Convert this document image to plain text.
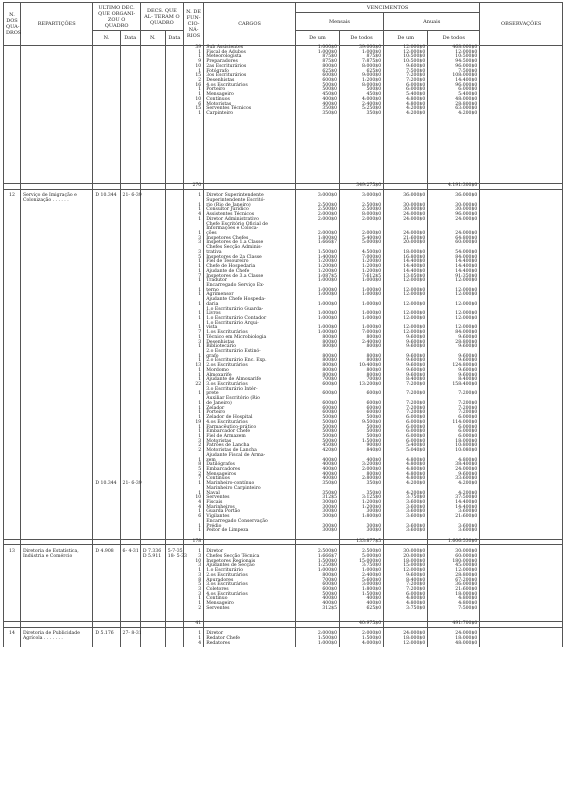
N. DOS QUA- DROS	REPARTIÇÕES	ULTIMO DEC. QUE ORGANI- ZOU O QUADRO		DECS. QUE AL- TERAM O QUADRO		N. DE FUN- CIO- NÁ- RIOS	CARGOS	VENCIMENTOS				OBSERVAÇÕES
								Mensais		Anuais		
		N.	Data	N.	Data			De um	De todos	De um	De todos	
						39	Sub Assistentes	1:000$0	39:000$0	12:000$0	468:000$0	
						1	Fiscal de Adubos	1:000$0	1:000$0	12:000$0	12:000$0	
						1	Meteorologista	875$0	875$0	10:500$0	10:500$0	
						9	Preparadores	875$0	7:875$0	10:500$0	94:500$0	
						10	2as Escriturários	800$0	8:000$0	9:600$0	96:000$0	
						1	Fotógrafo	625$0	625$0	7:500$0	7:500$0	
						15	3os Escriturários	600$0	9:000$0	7:200$0	108:000$0	
						2	Desenhistas	600$0	1:200$0	7:200$0	14:400$0	
						16	4.os Escriturários	500$0	8:000$0	6:000$0	96:000$0	
						1	Porteiro	500$0	500$0	6:000$0	6:000$0	
						1	Mensageiro	450$0	450$0	5:400$0	5:400$0	
						10	Contínuos	400$0	4:000$0	4:800$0	48:000$0	
						6	Motoristas	400$0	2:400$0	4:800$0	28:800$0	
						15	Serventes Técnicos	350$0	5:250$0	4:200$0	63:000$0	
						1	Carpinteiro	350$0	350$0	4:200$0	4:200$0	

						270			349:275$0		4.191:300$0	

12	Serviço de Imigração e	D 10.344	21- 6-39			1	Diretor Superintendente	3:000$0	3:000$0	36:000$0	36:000$0	
	Colonização . . . . . .						Superintendente Escritó-					
						1	rio (Rio de Janeiro)	2:500$0	2:500$0	30:000$0	30:000$0	
						1	Consultor Jurídico	2:500$0	2:500$0	30:000$0	30:000$0	
						4	Assistentes Técnicos	2:000$0	8:000$0	24:000$0	96:000$0	
						1	Diretor Administrativo	2:000$0	2:000$0	24:000$0	24:000$0	
							Chefe Escritório Oficial de					
							Informações e Coloca-					
						1	ções	2:000$0	2:000$0	24:000$0	24:000$0	
						3	Inspetores Chefes	1:800$0	5:400$0	21:600$0	64:800$0	
						3	Inspetores de 1.a Classe	1:666$7	5:000$0	20:000$0	60:000$0	
							Chefes Secção Adminis-					
						3	trativa	1:500$0	4:500$0	18:000$0	54:000$0	
						5	Inspetores de 2a Classe	1:400$0	7:000$0	16:800$0	84:000$0	
						1	Fiel de Tesoureiro	1:200$0	1:200$0	14:400$0	14:400$0	
						1	Chefe de Hospedaria	1:200$0	1:200$0	14:400$0	14:400$0	
						1	Ajudante de Chefe	1:200$0	1:200$0	14:400$0	14:400$0	
						7	Inspetores de 3.a Classe	1:087$5	7:612$5	13:050$0	91:350$0	
						1	Tradutor	1:000$0	1:000$0	12:000$0	12:000$0	
							Encarregado Serviço Ex-					
						1	terno	1:000$0	1:000$0	12:000$0	12:000$0	
						1	Agrimensor	1:000$0	1:000$0	12:000$0	12:000$0	
							Ajudante Chefe Hospeda-					
						1	daria	1:000$0	1:000$0	12:000$0	12:000$0	
							1.o Escriturário Guarda-					
						1	Livros	1:000$0	1:000$0	12:000$0	12:000$0	
						1	1.o Escriturário Contador	1:000$0	1:000$0	12:000$0	12:000$0	
							1.o Escriturário Arqui-					
						1	vista	1:000$0	1:000$0	12:000$0	12:000$0	
						7	1.os Escriturários	1:000$0	7:000$0	12:000$0	84:000$0	
						1	Técnico em Microbiologia	800$0	800$0	9:600$0	9:600$0	
						3	Desenhistas	800$0	2:400$0	9:600$0	28:800$0	
						1	Bibliotecário	800$0	800$0	9:600$0	9:600$0	
							2.o Escriturário Estinó-					
						1	grafo	800$0	800$0	9:600$0	9:600$0	
						1	2.o Escriturário Enc. Exp.	800$0	800$0	9:600$0	9:600$0	
						13	2.os Escriturários	800$0	10:400$0	9:600$0	124:800$0	
						1	Mordomo	800$0	800$0	9:600$0	9:600$0	
						1	Almoxarife	800$0	800$0	9:600$0	9:600$0	
						1	Ajudante de Almoxarife	700$0	700$0	8:400$0	8:400$0	
						22	3.os Escriturários	600$0	13:200$0	7:200$0	158:400$0	
							3.o Escriturário Intér-					
						1	prete	600$0	600$0	7:200$0	7:200$0	
							Auxiliar Escritório (Rio					
						1	de Janeiro)	600$0	600$0	7:200$0	7:200$0	
						1	Zelador	600$0	600$0	7:200$0	7:200$0	
						1	Porteiro	600$0	600$0	7:200$0	7:200$0	
						1	Zelador de Hospital	500$0	500$0	6:000$0	6:000$0	
						19	4.os Escriturários	500$0	9:500$0	6:000$0	114:000$0	
						1	Farmacêutico-prático	500$0	500$0	6:000$0	6:000$0	
						1	Embarcador Chefe	500$0	500$0	6:000$0	6:000$0	
						1	Fiel de Armazem	500$0	500$0	6:000$0	6:000$0	
						3	Motoristas	500$0	1:500$0	6:000$0	18:000$0	
						2	Patrões de Lancha	450$0	900$0	5:400$0	10:800$0	
						2	Motoristas de Lancha	420$0	840$0	5:040$0	10:080$0	
							Ajudante Fiscal de Arma-					
						1	zem	400$0	400$0	4:800$0	4:800$0	
						8	Datilógrafos	400$0	3:200$0	4:800$0	38:400$0	
						5	Embarcadores	400$0	2:000$0	4:800$0	24:000$0	
						2	Mensageiros	400$0	800$0	4:800$0	9:600$0	
						7	Contínuos	400$0	2:800$0	4:800$0	33:600$0	
		D 10.344	21- 6-39			1	Marinheiro-contínuo	350$0	350$0	4:200$0	4:200$0	
							Marinheiro Carpinteiro					
						1	Naval	350$0	350$0	4:200$0	4:200$0	
						10	Serventes	312$5	3:125$0	3:750$0	37:500$0	
						4	Fiscais	300$0	1:200$0	3:600$0	14:400$0	
						4	Marinheiros	300$0	1:200$0	3:600$0	14:400$0	
						1	Guarda Portão	300$0	300$0	3:600$0	3:600$0	
						6	Vigilantes	300$0	1:800$0	3:600$0	21:600$0	
							Encarregado Conservação					
						1	Prédio	300$0	300$0	3:600$0	3:600$0	
						1	Peitor de Limpeza	300$0	300$0	3:600$0	3:600$0	

						178			133:877$5		1.606:530$0	

13	Diretoria de Estatística,	D 4.908	6- 4-31	D 7.336	5-7-35	1	Diretor	2:500$0	2:500$0	30:000$0	30:000$0	
	Indústria e Comércio			D 5.911	18- 5-33	3	Chefes Secção Técnica	1:666$7	5:000$0	20:000$0	60:000$0	
						10	Inspetores Regionais	1:500$0	15:000$0	18:000$0	180:000$0	
						3	Ajudantes de Secção	1:250$0	3:750$0	15:000$0	45:000$0	
						1	1.o Escriturário	1:000$0	1:000$0	12:000$0	12:000$0	
						3	2.os Escriturários	800$0	2:400$0	9:600$0	28:800$0	
						8	Apuradores	700$0	5:600$0	8:400$0	67:200$0	
						5	3.os Escriturários	600$0	3:000$0	7:200$0	36:000$0	
						3	Coletores	600$0	1:800$0	7:200$0	21:600$0	
						3	4.os Escriturários	500$0	1:500$0	6:000$0	18:000$0	
						1	Contínuo	400$0	400$0	4:800$0	4:800$0	
						1	Mensageiro	400$0	400$0	4:800$0	4:800$0	
						2	Serventes	312$5	625$0	3:750$0	7:500$0	

						41			40:975$0		491:700$0	

14	Diretoria de Publicidade	D 5.176	27- 8-31			1	Diretor	2:000$0	2:000$0	24:000$0	24:000$0	
	Agrícola . . . . . . .					1	Redator Chefe	1:500$0	1:500$0	18:000$0	18:000$0	
						4	Redatores	1:000$0	4:000$0	12:000$0	48:000$0	
